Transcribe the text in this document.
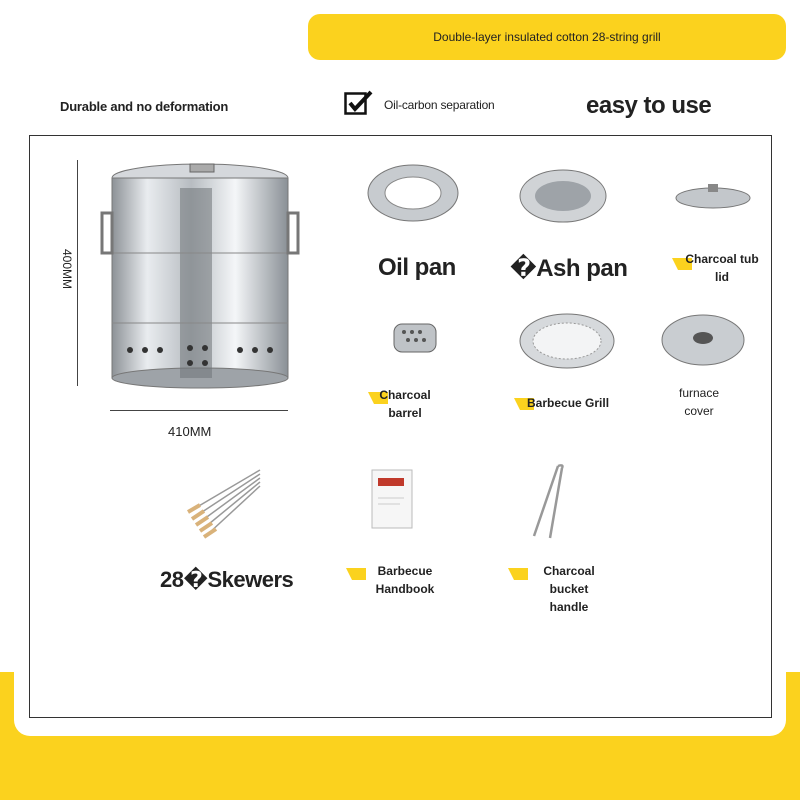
Double-layer insulated cotton 28-string grill
Durable and no deformation	Oil-carbon separation	easy to use
400MM
410MM
Oil pan �Ash pan	Charcoal tub
lid
Charcoal
barrel
Barbecue Grill
furnace
cover
28�Skewers	Barbecue
Handbook
Charcoal bucket
handle
